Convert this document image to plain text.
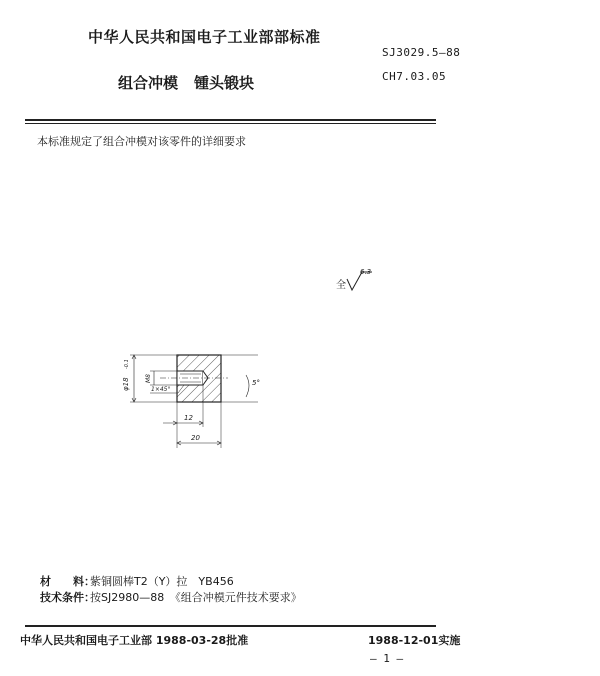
中华人民共和国电子工业部部标准
SJ3029.5—88
CH7.03.05
组合冲模 锺头锻块
本标准规定了组合冲模对该零件的详细要求
全
6.3
φ18
-0.1
M8
1×45°
12
20
5°
材　　料：紫铜圆棒T2（Y）拉　YB456
技术条件：按SJ2980—88　《组合冲模元件技术要求》
中华人民共和国电子工业部 1988-03-28批准	1988-12-01实施
— 1 —
